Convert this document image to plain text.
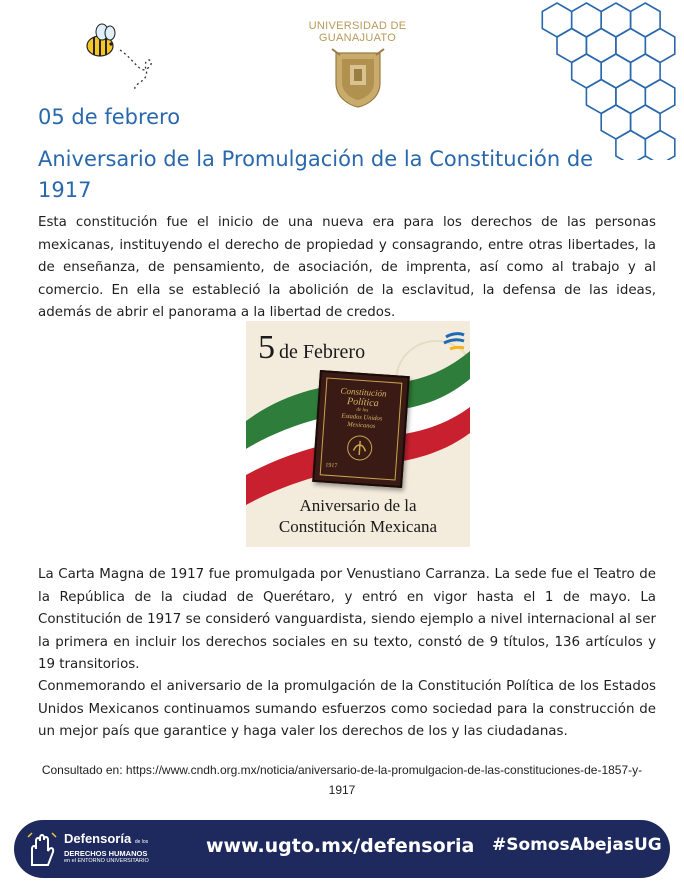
UNIVERSIDAD DE
GUANAJUATO
05 de febrero
Aniversario de la Promulgación de la Constitución de 1917
Esta constitución fue el inicio de una nueva era para los derechos de las personas mexicanas, instituyendo el derecho de propiedad y consagrando, entre otras libertades, la de enseñanza, de pensamiento, de asociación, de imprenta, así como al trabajo y al comercio. En ella se estableció la abolición de la esclavitud, la defensa de las ideas, además de abrir el panorama a la libertad de credos.
5 de Febrero
Constitución
Política
de los
Estados Unidos
Mexicanos
1917
Aniversario de la
Constitución Mexicana
La Carta Magna de 1917 fue promulgada por Venustiano Carranza. La sede fue el Teatro de la República de la ciudad de Querétaro, y entró en vigor hasta el 1 de mayo. La Constitución de 1917 se consideró vanguardista, siendo ejemplo a nivel internacional al ser la primera en incluir los derechos sociales en su texto, constó de 9 títulos, 136 artículos y 19 transitorios.
Conmemorando el aniversario de la promulgación de la Constitución Política de los Estados Unidos Mexicanos continuamos sumando esfuerzos como sociedad para la construcción de un mejor país que garantice y haga valer los derechos de los y las ciudadanas.
Consultado en: https://www.cndh.org.mx/noticia/aniversario-de-la-promulgacion-de-las-constituciones-de-1857-y-1917
Defensoría de los
DERECHOS HUMANOS
en el ENTORNO UNIVERSITARIO
www.ugto.mx/defensoria #SomosAbejasUG
